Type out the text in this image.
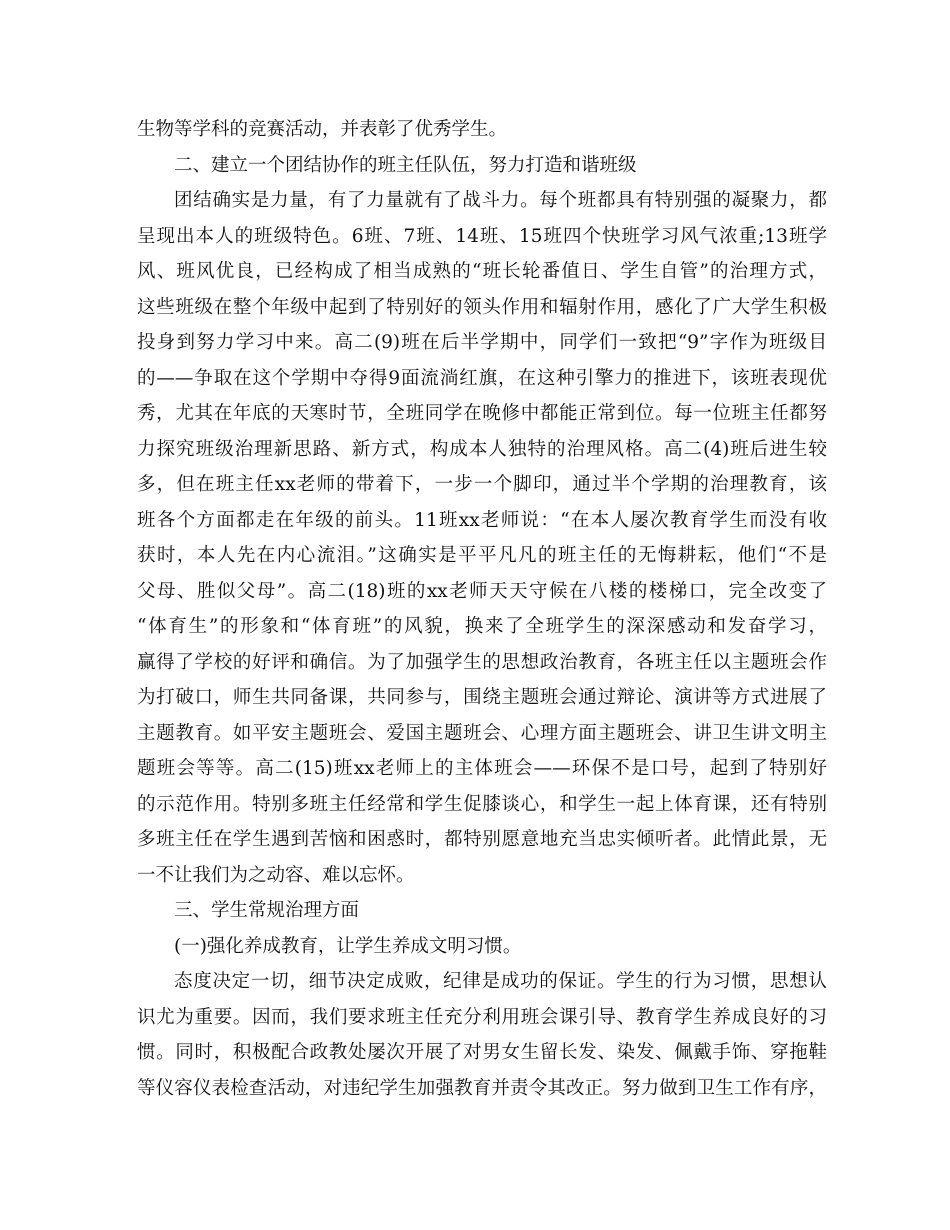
生物等学科的竞赛活动，并表彰了优秀学生。
二、建立一个团结协作的班主任队伍，努力打造和谐班级
团结确实是力量，有了力量就有了战斗力。每个班都具有特别强的凝聚力，都
呈现出本人的班级特色。6班、7班、14班、15班四个快班学习风气浓重;13班学
风、班风优良，已经构成了相当成熟的“班长轮番值日、学生自管”的治理方式，
这些班级在整个年级中起到了特别好的领头作用和辐射作用，感化了广大学生积极
投身到努力学习中来。高二(9)班在后半学期中，同学们一致把“9”字作为班级目
的——争取在这个学期中夺得9面流淌红旗，在这种引擎力的推进下，该班表现优
秀，尤其在年底的天寒时节，全班同学在晚修中都能正常到位。每一位班主任都努
力探究班级治理新思路、新方式，构成本人独特的治理风格。高二(4)班后进生较
多，但在班主任xx老师的带着下，一步一个脚印，通过半个学期的治理教育，该
班各个方面都走在年级的前头。11班xx老师说：“在本人屡次教育学生而没有收
获时，本人先在内心流泪。”这确实是平平凡凡的班主任的无悔耕耘，他们“不是
父母、胜似父母”。高二(18)班的xx老师天天守候在八楼的楼梯口，完全改变了
“体育生”的形象和“体育班”的风貌，换来了全班学生的深深感动和发奋学习，
赢得了学校的好评和确信。为了加强学生的思想政治教育，各班主任以主题班会作
为打破口，师生共同备课，共同参与，围绕主题班会通过辩论、演讲等方式进展了
主题教育。如平安主题班会、爱国主题班会、心理方面主题班会、讲卫生讲文明主
题班会等等。高二(15)班xx老师上的主体班会——环保不是口号，起到了特别好
的示范作用。特别多班主任经常和学生促膝谈心，和学生一起上体育课，还有特别
多班主任在学生遇到苦恼和困惑时，都特别愿意地充当忠实倾听者。此情此景，无
一不让我们为之动容、难以忘怀。
三、学生常规治理方面
(一)强化养成教育，让学生养成文明习惯。
态度决定一切，细节决定成败，纪律是成功的保证。学生的行为习惯，思想认
识尤为重要。因而，我们要求班主任充分利用班会课引导、教育学生养成良好的习
惯。同时，积极配合政教处屡次开展了对男女生留长发、染发、佩戴手饰、穿拖鞋
等仪容仪表检查活动，对违纪学生加强教育并责令其改正。努力做到卫生工作有序，
